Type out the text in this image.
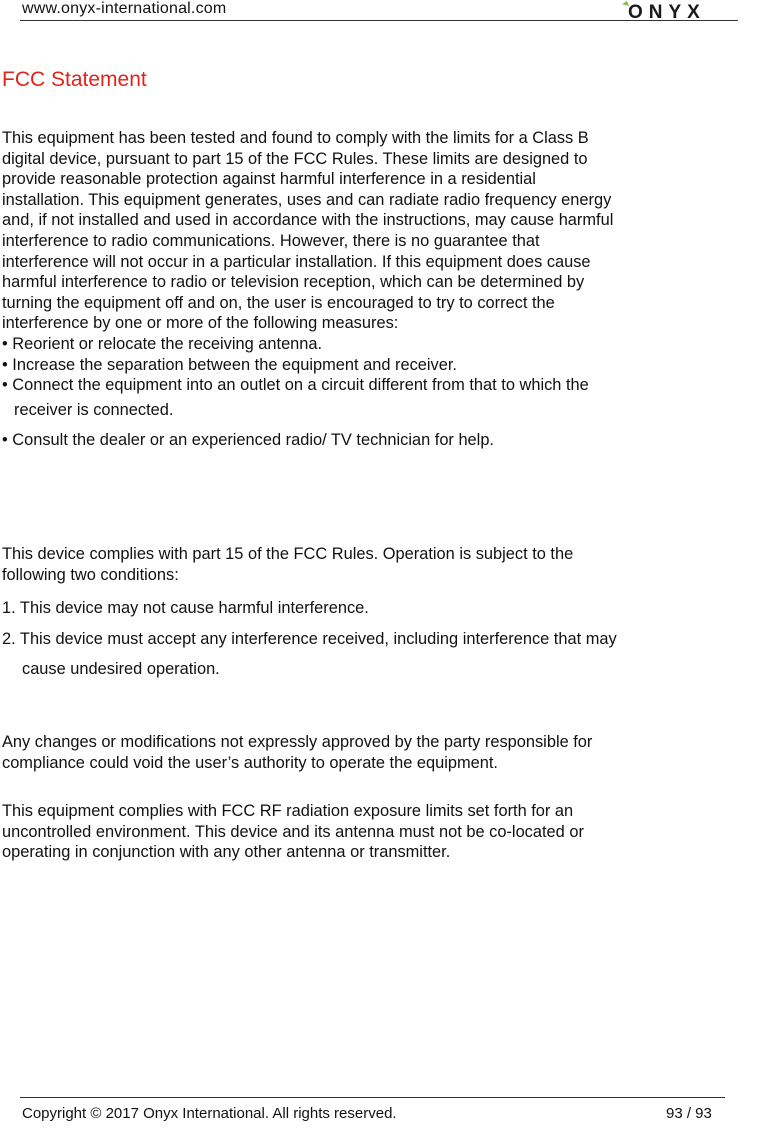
www.onyx-international.com	ONYX
FCC Statement
This equipment has been tested and found to comply with the limits for a Class B
digital device, pursuant to part 15 of the FCC Rules. These limits are designed to
provide reasonable protection against harmful interference in a residential
installation. This equipment generates, uses and can radiate radio frequency energy
and, if not installed and used in accordance with the instructions, may cause harmful
interference to radio communications. However, there is no guarantee that
interference will not occur in a particular installation. If this equipment does cause
harmful interference to radio or television reception, which can be determined by
turning the equipment off and on, the user is encouraged to try to correct the
interference by one or more of the following measures:
• Reorient or relocate the receiving antenna.
• Increase the separation between the equipment and receiver.
• Connect the equipment into an outlet on a circuit different from that to which the
receiver is connected.
• Consult the dealer or an experienced radio/ TV technician for help.
This device complies with part 15 of the FCC Rules. Operation is subject to the
following two conditions:
1. This device may not cause harmful interference.
2. This device must accept any interference received, including interference that may
cause undesired operation.
Any changes or modifications not expressly approved by the party responsible for
compliance could void the user’s authority to operate the equipment.
This equipment complies with FCC RF radiation exposure limits set forth for an
uncontrolled environment. This device and its antenna must not be co-located or
operating in conjunction with any other antenna or transmitter.
Copyright © 2017 Onyx International. All rights reserved.	93 / 93
